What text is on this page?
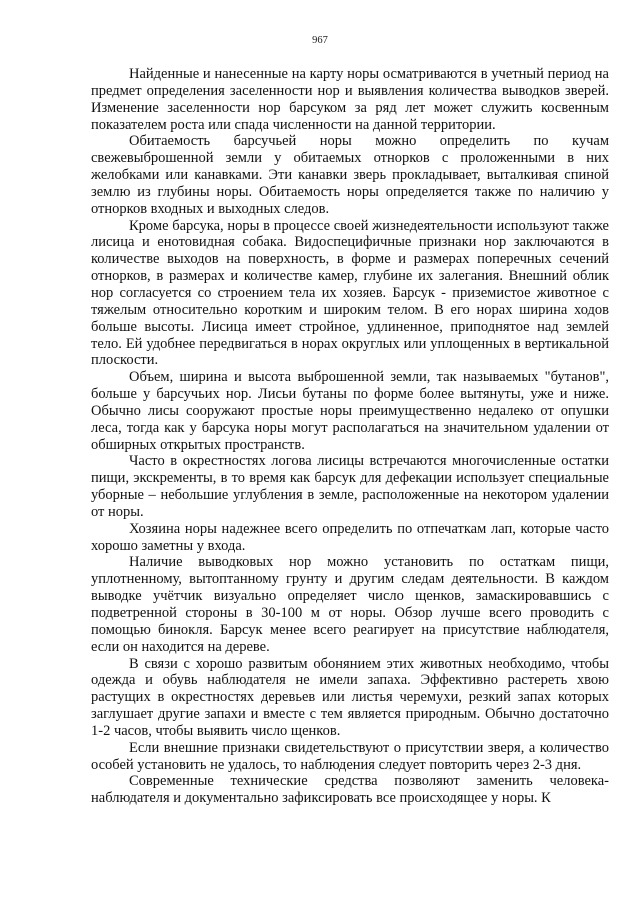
967

Найденные и нанесенные на карту норы осматриваются в учетный период на предмет определения заселенности нор и выявления количества выводков зверей. Изменение заселенности нор барсуком за ряд лет может служить косвенным показателем роста или спада численности на данной территории.

Обитаемость барсучьей норы можно определить по кучам свежевыброшенной земли у обитаемых отнорков с проложенными в них желобками или канавками. Эти канавки зверь прокладывает, выталкивая спиной землю из глубины норы. Обитаемость норы определяется также по наличию у отнорков входных и выходных следов.

Кроме барсука, норы в процессе своей жизнедеятельности используют также лисица и енотовидная собака. Видоспецифичные признаки нор заключаются в количестве выходов на поверхность, в форме и размерах поперечных сечений отнорков, в размерах и количестве камер, глубине их залегания. Внешний облик нор согласуется со строением тела их хозяев. Барсук - приземистое животное с тяжелым относительно коротким и широким телом. В его норах ширина ходов больше высоты. Лисица имеет стройное, удлиненное, приподнятое над землей тело. Ей удобнее передвигаться в норах округлых или уплощенных в вертикальной плоскости.

Объем, ширина и высота выброшенной земли, так называемых "бутанов", больше у барсучьих нор. Лисьи бутаны по форме более вытянуты, уже и ниже. Обычно лисы сооружают простые норы преимущественно недалеко от опушки леса, тогда как у барсука норы могут располагаться на значительном удалении от обширных открытых пространств.

Часто в окрестностях логова лисицы встречаются многочисленные остатки пищи, экскременты, в то время как барсук для дефекации использует специальные уборные – небольшие углубления в земле, расположенные на некотором удалении от норы.

Хозяина норы надежнее всего определить по отпечаткам лап, которые часто хорошо заметны у входа.

Наличие выводковых нор можно установить по остаткам пищи, уплотненному, вытоптанному грунту и другим следам деятельности. В каждом выводке учётчик визуально определяет число щенков, замаскировавшись с подветренной стороны в 30-100 м от норы. Обзор лучше всего проводить с помощью бинокля. Барсук менее всего реагирует на присутствие наблюдателя, если он находится на дереве.

В связи с хорошо развитым обонянием этих животных необходимо, чтобы одежда и обувь наблюдателя не имели запаха. Эффективно растереть хвою растущих в окрестностях деревьев или листья черемухи, резкий запах которых заглушает другие запахи и вместе с тем является природным. Обычно достаточно 1-2 часов, чтобы выявить число щенков.

Если внешние признаки свидетельствуют о присутствии зверя, а количество особей установить не удалось, то наблюдения следует повторить через 2-3 дня.

Современные технические средства позволяют заменить человека-наблюдателя и документально зафиксировать все происходящее у норы. К
